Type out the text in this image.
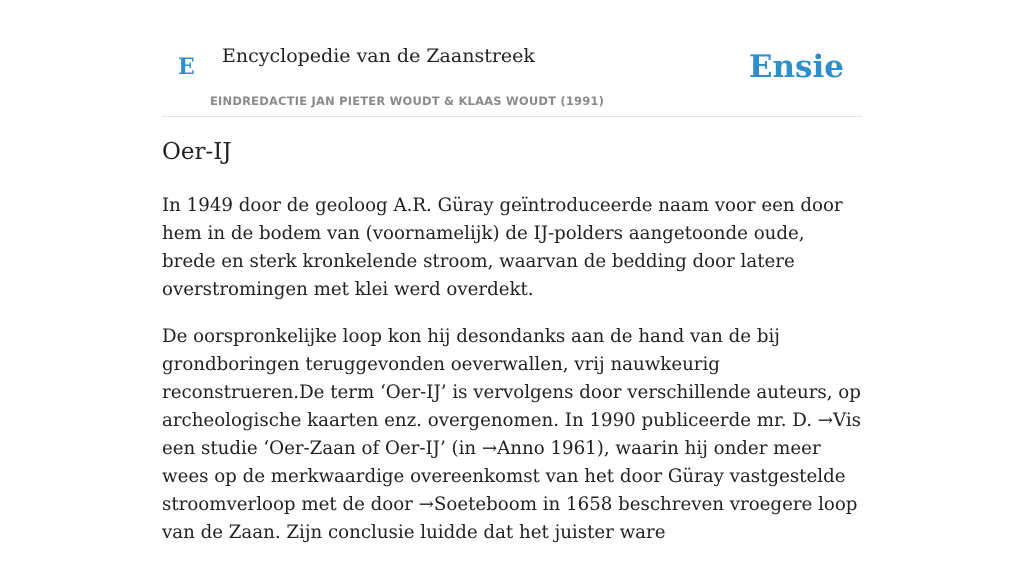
E Encyclopedie van de Zaanstreek
EINDREDACTIE JAN PIETER WOUDT & KLAAS WOUDT (1991)
Ensie
Oer-IJ

In 1949 door de geoloog A.R. Güray geïntroduceerde naam voor een door hem in de bodem van (voornamelijk) de IJ-polders aangetoonde oude, brede en sterk kronkelende stroom, waarvan de bedding door latere overstromingen met klei werd overdekt.

De oorspronkelijke loop kon hij desondanks aan de hand van de bij grondboringen teruggevonden oeverwallen, vrij nauwkeurig reconstrueren.De term ‘Oer-IJ’ is vervolgens door verschillende auteurs, op archeologische kaarten enz. overgenomen. In 1990 publiceerde mr. D. →Vis een studie ‘Oer-Zaan of Oer-IJ’ (in →Anno 1961), waarin hij onder meer wees op de merkwaardige overeenkomst van het door Güray vastgestelde stroomverloop met de door →Soeteboom in 1658 beschreven vroegere loop van de Zaan. Zijn conclusie luidde dat het juister ware
